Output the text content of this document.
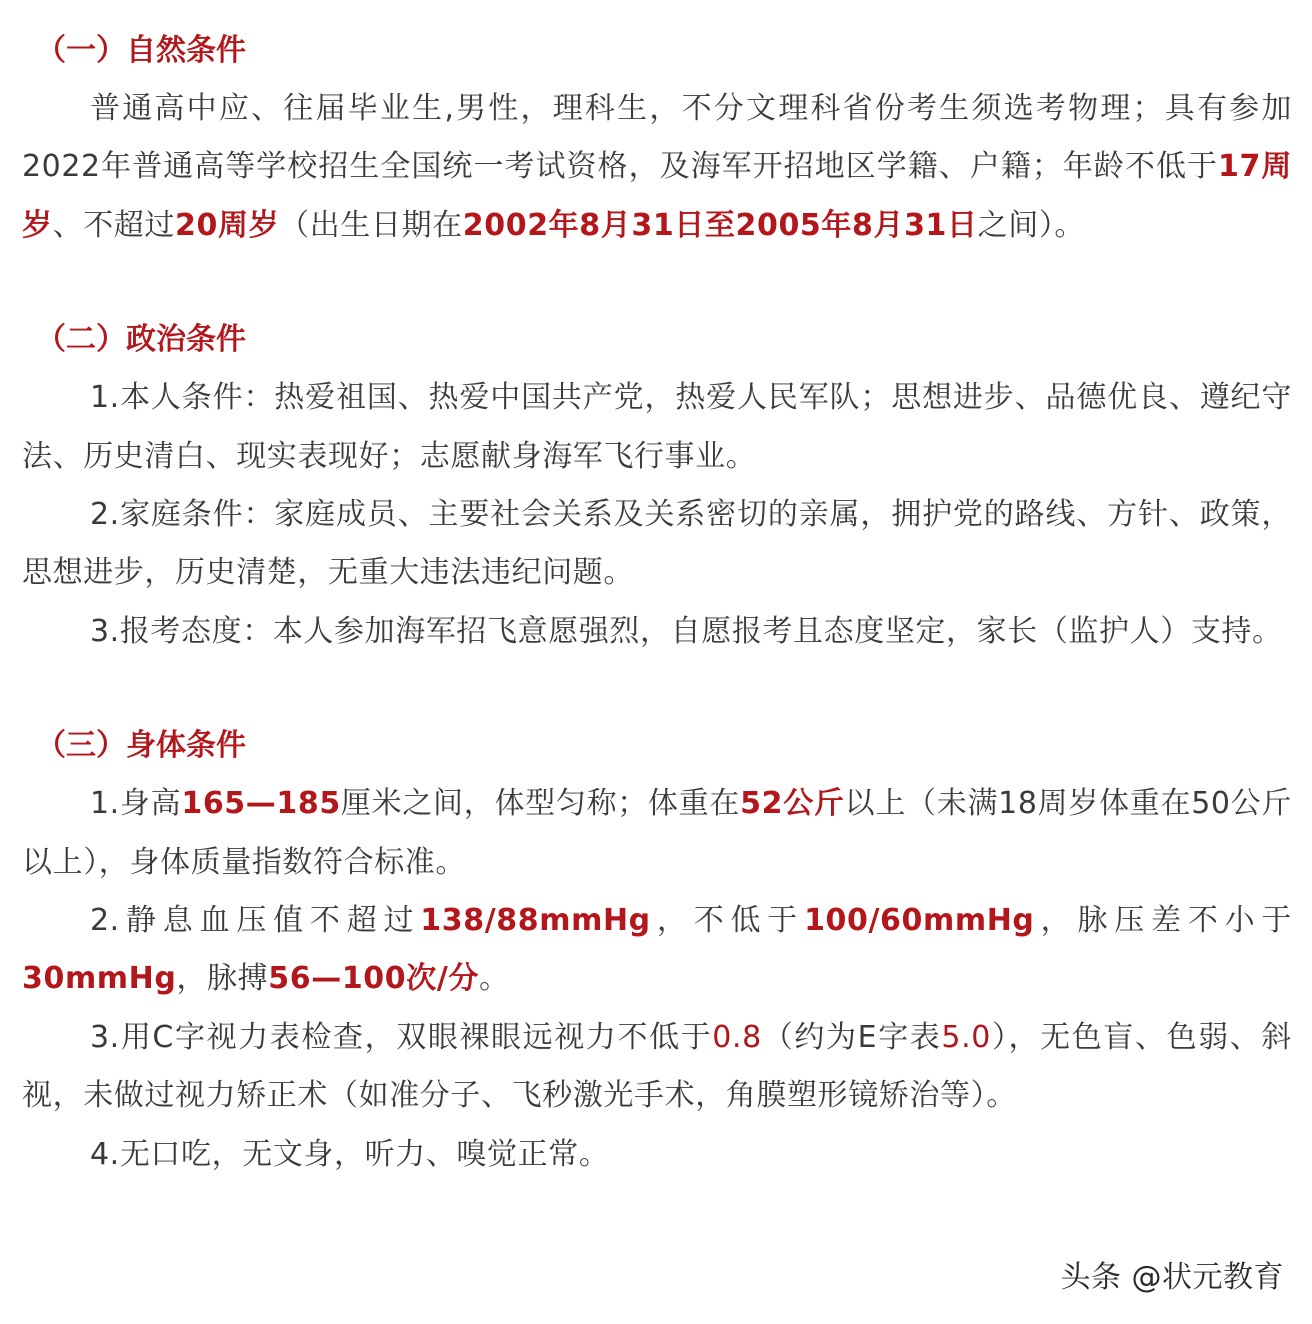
（一）自然条件

普通高中应、往届毕业生,男性，理科生，不分文理科省份考生须选考物理；具有参加2022年普通高等学校招生全国统一考试资格，及海军开招地区学籍、户籍；年龄不低于17周岁、不超过20周岁（出生日期在2002年8月31日至2005年8月31日之间）。

（二）政治条件

1.本人条件：热爱祖国、热爱中国共产党，热爱人民军队；思想进步、品德优良、遵纪守法、历史清白、现实表现好；志愿献身海军飞行事业。

2.家庭条件：家庭成员、主要社会关系及关系密切的亲属，拥护党的路线、方针、政策，思想进步，历史清楚，无重大违法违纪问题。

3.报考态度：本人参加海军招飞意愿强烈，自愿报考且态度坚定，家长（监护人）支持。

（三）身体条件

1.身高165—185厘米之间，体型匀称；体重在52公斤以上（未满18周岁体重在50公斤以上），身体质量指数符合标准。

2.静息血压值不超过138/88mmHg，不低于100/60mmHg，脉压差不小于30mmHg，脉搏56—100次/分。

3.用C字视力表检查，双眼裸眼远视力不低于0.8（约为E字表5.0），无色盲、色弱、斜视，未做过视力矫正术（如准分子、飞秒激光手术，角膜塑形镜矫治等）。

4.无口吃，无文身，听力、嗅觉正常。

头条 @状元教育
